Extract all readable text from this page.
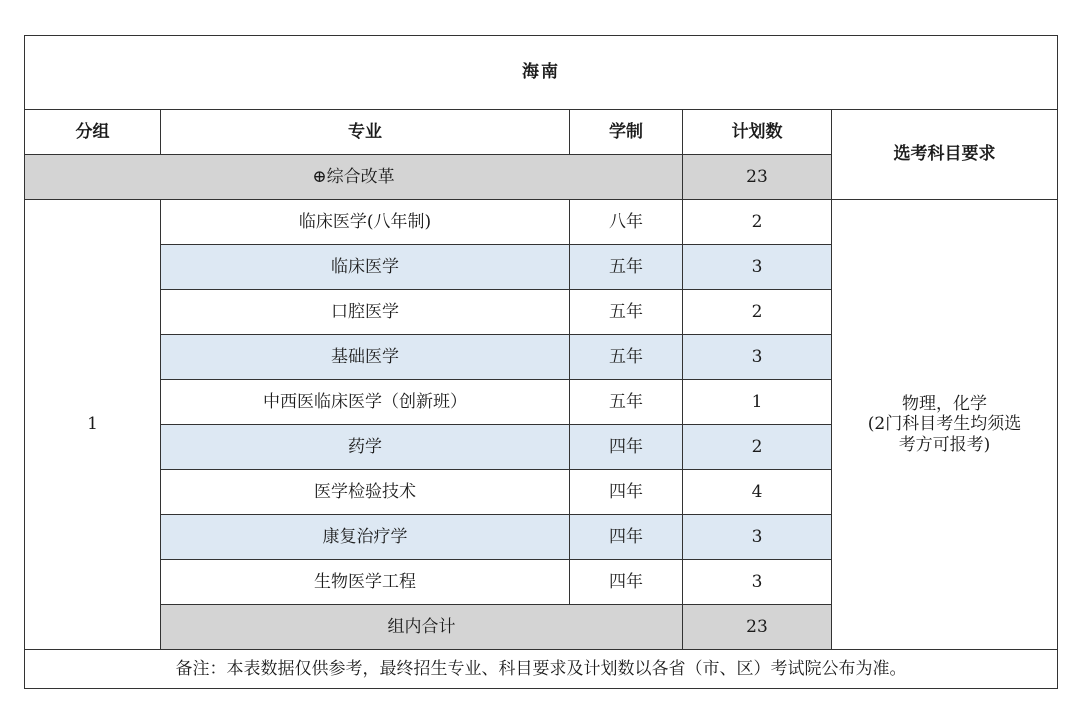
海南				
分组	专业	学制	计划数	选考科目要求
⊕综合改革			23	
1	临床医学(八年制)	八年	2	物理，化学
(2门科目考生均须选
考方可报考)

	临床医学	五年	3	
	口腔医学	五年	2	
	基础医学	五年	3	
	中西医临床医学（创新班）	五年	1	
	药学	四年	2	
	医学检验技术	四年	4	
	康复治疗学	四年	3	
	生物医学工程	四年	3	
	组内合计		23	
备注：本表数据仅供参考，最终招生专业、科目要求及计划数以各省（市、区）考试院公布为准。				
